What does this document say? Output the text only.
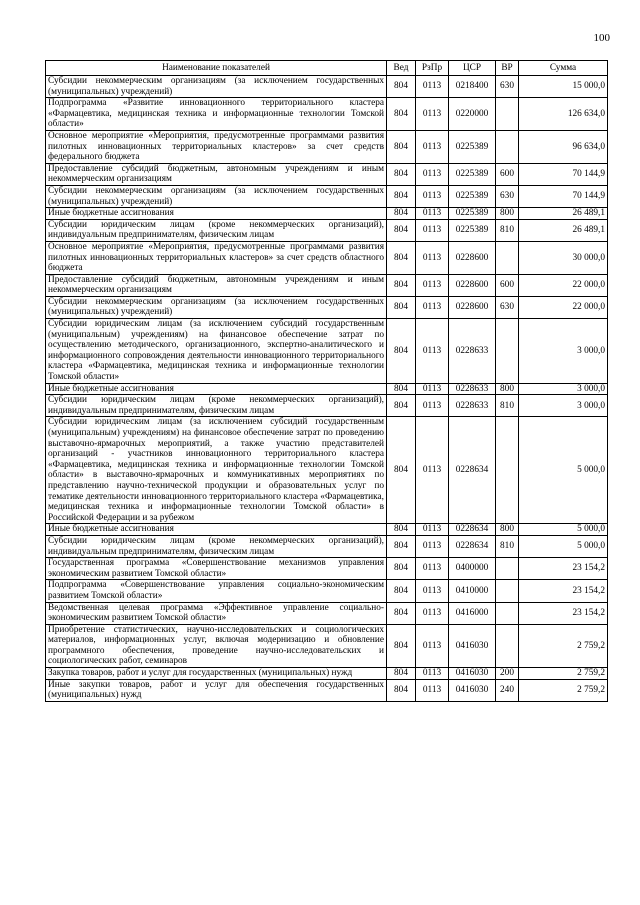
100
Наименование показателей	Вед	РзПр	ЦСР	ВР	Сумма
Субсидии некоммерческим организациям (за исключением государственных (муниципальных) учреждений)	804	0113	0218400	630	15 000,0
Подпрограмма «Развитие инновационного территориального кластера «Фармацевтика, медицинская техника и информационные технологии Томской области»	804	0113	0220000		126 634,0
Основное мероприятие «Мероприятия, предусмотренные программами развития пилотных инновационных территориальных кластеров» за счет средств федерального бюджета	804	0113	0225389		96 634,0
Предоставление субсидий бюджетным, автономным учреждениям и иным некоммерческим организациям	804	0113	0225389	600	70 144,9
Субсидии некоммерческим организациям (за исключением государственных (муниципальных) учреждений)	804	0113	0225389	630	70 144,9
Иные бюджетные ассигнования	804	0113	0225389	800	26 489,1
Субсидии юридическим лицам (кроме некоммерческих организаций), индивидуальным предпринимателям, физическим лицам	804	0113	0225389	810	26 489,1
Основное мероприятие «Мероприятия, предусмотренные программами развития пилотных инновационных территориальных кластеров» за счет средств областного бюджета	804	0113	0228600		30 000,0
Предоставление субсидий бюджетным, автономным учреждениям и иным некоммерческим организациям	804	0113	0228600	600	22 000,0
Субсидии некоммерческим организациям (за исключением государственных (муниципальных) учреждений)	804	0113	0228600	630	22 000,0
Субсидии юридическим лицам (за исключением субсидий государственным (муниципальным) учреждениям) на финансовое обеспечение затрат по осуществлению методического, организационного, экспертно-аналитического и информационного сопровождения деятельности инновационного территориального кластера «Фармацевтика, медицинская техника и информационные технологии Томской области»	804	0113	0228633		3 000,0
Иные бюджетные ассигнования	804	0113	0228633	800	3 000,0
Субсидии юридическим лицам (кроме некоммерческих организаций), индивидуальным предпринимателям, физическим лицам	804	0113	0228633	810	3 000,0
Субсидии юридическим лицам (за исключением субсидий государственным (муниципальным) учреждениям) на финансовое обеспечение затрат по проведению выставочно-ярмарочных мероприятий, а также участию представителей организаций - участников инновационного территориального кластера «Фармацевтика, медицинская техника и информационные технологии Томской области» в выставочно-ярмарочных и коммуникативных мероприятиях по представлению научно-технической продукции и образовательных услуг по тематике деятельности инновационного территориального кластера «Фармацевтика, медицинская техника и информационные технологии Томской области» в Российской Федерации и за рубежом	804	0113	0228634		5 000,0
Иные бюджетные ассигнования	804	0113	0228634	800	5 000,0
Субсидии юридическим лицам (кроме некоммерческих организаций), индивидуальным предпринимателям, физическим лицам	804	0113	0228634	810	5 000,0
Государственная программа «Совершенствование механизмов управления экономическим развитием Томской области»	804	0113	0400000		23 154,2
Подпрограмма «Совершенствование управления социально-экономическим развитием Томской области»	804	0113	0410000		23 154,2
Ведомственная целевая программа «Эффективное управление социально-экономическим развитием Томской области»	804	0113	0416000		23 154,2
Приобретение статистических, научно-исследовательских и социологических материалов, информационных услуг, включая модернизацию и обновление программного обеспечения, проведение научно-исследовательских и социологических работ, семинаров	804	0113	0416030		2 759,2
Закупка товаров, работ и услуг для государственных (муниципальных) нужд	804	0113	0416030	200	2 759,2
Иные закупки товаров, работ и услуг для обеспечения государственных (муниципальных) нужд	804	0113	0416030	240	2 759,2
